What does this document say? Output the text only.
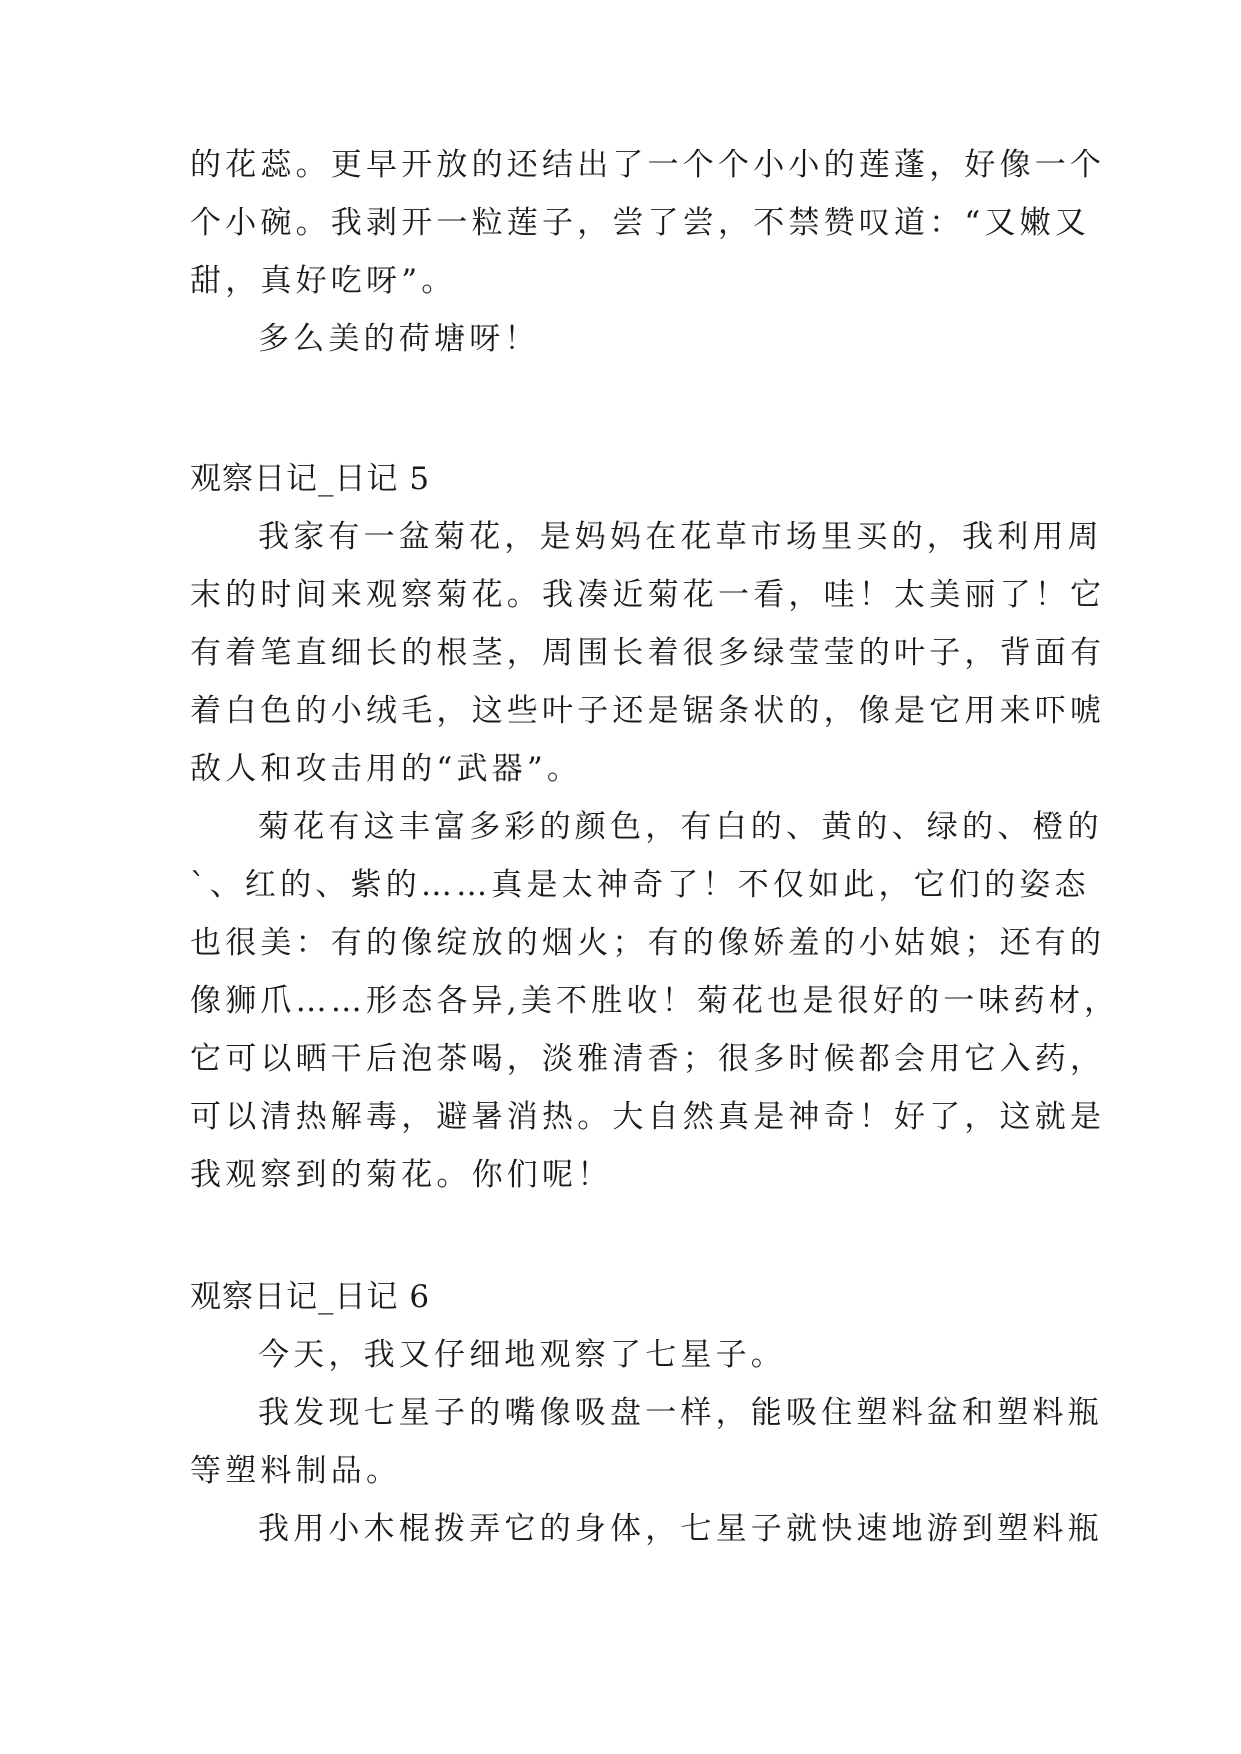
的花蕊。更早开放的还结出了一个个小小的莲蓬，好像一个
个小碗。我剥开一粒莲子，尝了尝，不禁赞叹道：“又嫩又
甜，真好吃呀”。
多么美的荷塘呀！
观察日记_日记 5
我家有一盆菊花，是妈妈在花草市场里买的，我利用周
末的时间来观察菊花。我凑近菊花一看，哇！太美丽了！它
有着笔直细长的根茎，周围长着很多绿莹莹的叶子，背面有
着白色的小绒毛，这些叶子还是锯条状的，像是它用来吓唬
敌人和攻击用的“武器”。
菊花有这丰富多彩的颜色，有白的、黄的、绿的、橙的
`、红的、紫的……真是太神奇了！不仅如此，它们的姿态
也很美：有的像绽放的烟火；有的像娇羞的小姑娘；还有的
像狮爪……形态各异,美不胜收！菊花也是很好的一味药材，
它可以晒干后泡茶喝，淡雅清香；很多时候都会用它入药，
可以清热解毒，避暑消热。大自然真是神奇！好了，这就是
我观察到的菊花。你们呢！
观察日记_日记 6
今天，我又仔细地观察了七星子。
我发现七星子的嘴像吸盘一样，能吸住塑料盆和塑料瓶
等塑料制品。
我用小木棍拨弄它的身体，七星子就快速地游到塑料瓶
